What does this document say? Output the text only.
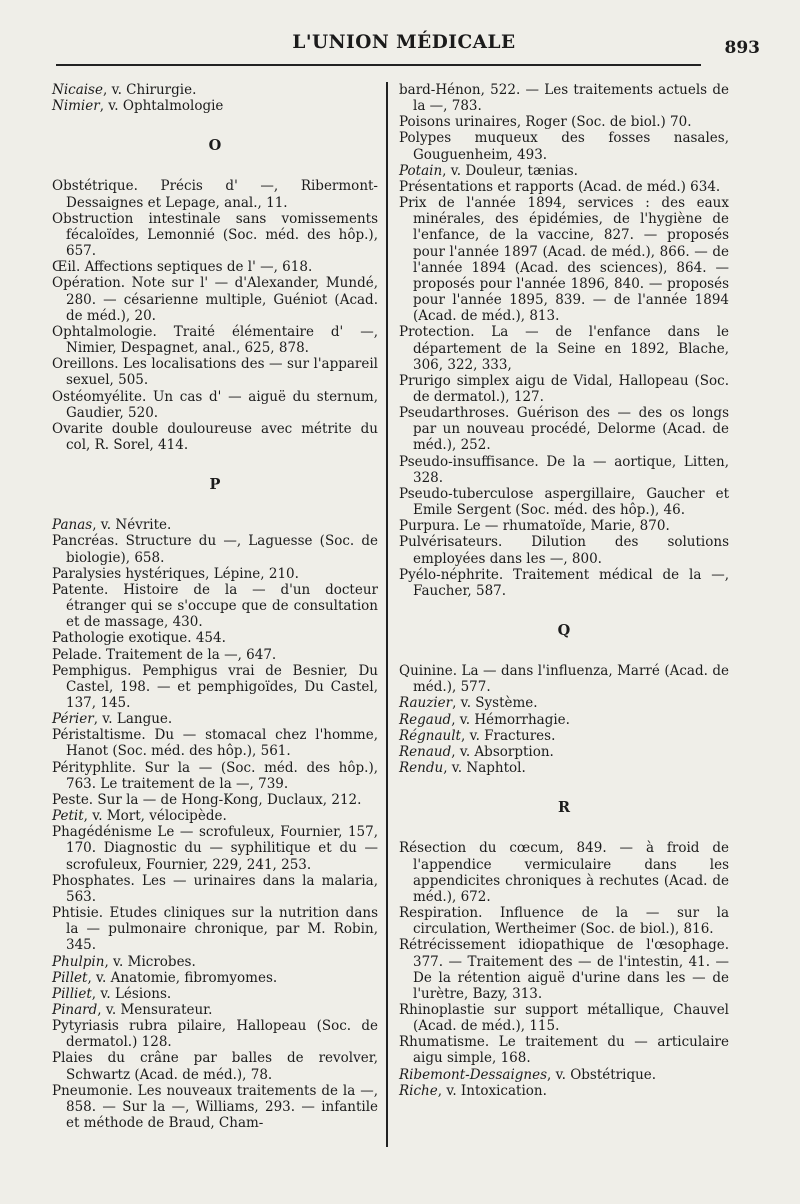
L'UNION MÉDICALE	893

Nicaise, v. Chirurgie.

Nimier, v. Ophtalmologie

O

Obstétrique. Précis d' —, Ribermont-Dessaignes et Lepage, anal., 11.

Obstruction intestinale sans vomissements fécaloïdes, Lemonnié (Soc. méd. des hôp.), 657.

Œil. Affections septiques de l' —, 618.

Opération. Note sur l' — d'Alexander, Mundé, 280. — césarienne multiple, Guéniot (Acad. de méd.), 20.

Ophtalmologie. Traité élémentaire d' —, Nimier, Despagnet, anal., 625, 878.

Oreillons. Les localisations des — sur l'appareil sexuel, 505.

Ostéomyélite. Un cas d' — aiguë du sternum, Gaudier, 520.

Ovarite double douloureuse avec métrite du col, R. Sorel, 414.

P

Panas, v. Névrite.

Pancréas. Structure du —, Laguesse (Soc. de biologie), 658.

Paralysies hystériques, Lépine, 210.

Patente. Histoire de la — d'un docteur étranger qui se s'occupe que de consultation et de massage, 430.

Pathologie exotique. 454.

Pelade. Traitement de la —, 647.

Pemphigus. Pemphigus vrai de Besnier, Du Castel, 198. — et pemphigoïdes, Du Castel, 137, 145.

Périer, v. Langue.

Péristaltisme. Du — stomacal chez l'homme, Hanot (Soc. méd. des hôp.), 561.

Pérityphlite. Sur la — (Soc. méd. des hôp.), 763. Le traitement de la —, 739.

Peste. Sur la — de Hong-Kong, Duclaux, 212.

Petit, v. Mort, vélocipède.

Phagédénisme Le — scrofuleux, Fournier, 157, 170. Diagnostic du — syphilitique et du — scrofuleux, Fournier, 229, 241, 253.

Phosphates. Les — urinaires dans la malaria, 563.

Phtisie. Etudes cliniques sur la nutrition dans la — pulmonaire chronique, par M. Robin, 345.

Phulpin, v. Microbes.

Pillet, v. Anatomie, fibromyomes.

Pilliet, v. Lésions.

Pinard, v. Mensurateur.

Pytyriasis rubra pilaire, Hallopeau (Soc. de dermatol.) 128.

Plaies du crâne par balles de revolver, Schwartz (Acad. de méd.), 78.

Pneumonie. Les nouveaux traitements de la —, 858. — Sur la —, Williams, 293. — infantile et méthode de Braud, Cham-

bard-Hénon, 522. — Les traitements actuels de la —, 783.

Poisons urinaires, Roger (Soc. de biol.) 70.

Polypes muqueux des fosses nasales, Gouguenheim, 493.

Potain, v. Douleur, tænias.

Présentations et rapports (Acad. de méd.) 634.

Prix de l'année 1894, services : des eaux minérales, des épidémies, de l'hygiène de l'enfance, de la vaccine, 827. — proposés pour l'année 1897 (Acad. de méd.), 866. — de l'année 1894 (Acad. des sciences), 864. — proposés pour l'année 1896, 840. — proposés pour l'année 1895, 839. — de l'année 1894 (Acad. de méd.), 813.

Protection. La — de l'enfance dans le département de la Seine en 1892, Blache, 306, 322, 333,

Prurigo simplex aigu de Vidal, Hallopeau (Soc. de dermatol.), 127.

Pseudarthroses. Guérison des — des os longs par un nouveau procédé, Delorme (Acad. de méd.), 252.

Pseudo-insuffisance. De la — aortique, Litten, 328.

Pseudo-tuberculose aspergillaire, Gaucher et Emile Sergent (Soc. méd. des hôp.), 46.

Purpura. Le — rhumatoïde, Marie, 870.

Pulvérisateurs. Dilution des solutions employées dans les —, 800.

Pyélo-néphrite. Traitement médical de la —, Faucher, 587.

Q

Quinine. La — dans l'influenza, Marré (Acad. de méd.), 577.

Rauzier, v. Système.

Regaud, v. Hémorrhagie.

Régnault, v. Fractures.

Renaud, v. Absorption.

Rendu, v. Naphtol.

R

Résection du cœcum, 849. — à froid de l'appendice vermiculaire dans les appendicites chroniques à rechutes (Acad. de méd.), 672.

Respiration. Influence de la — sur la circulation, Wertheimer (Soc. de biol.), 816.

Rétrécissement idiopathique de l'œsophage. 377. — Traitement des — de l'intestin, 41. — De la rétention aiguë d'urine dans les — de l'urètre, Bazy, 313.

Rhinoplastie sur support métallique, Chauvel (Acad. de méd.), 115.

Rhumatisme. Le traitement du — articulaire aigu simple, 168.

Ribemont-Dessaignes, v. Obstétrique.

Riche, v. Intoxication.
